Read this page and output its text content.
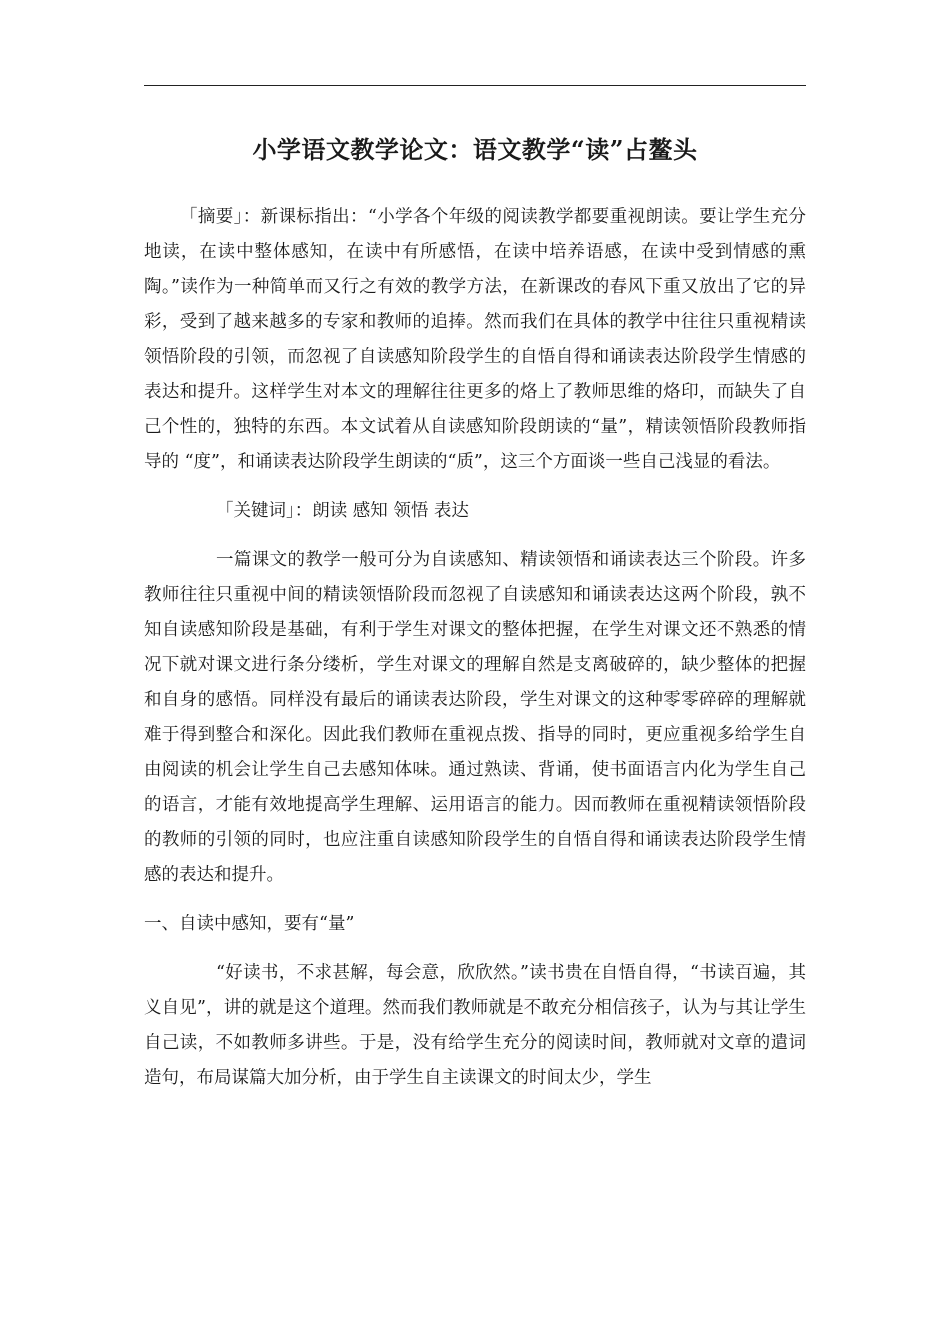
小学语文教学论文：语文教学“读”占鳌头

「摘要」：新课标指出：“小学各个年级的阅读教学都要重视朗读。要让学生充分地读，在读中整体感知，在读中有所感悟，在读中培养语感，在读中受到情感的熏陶。”读作为一种简单而又行之有效的教学方法，在新课改的春风下重又放出了它的异彩，受到了越来越多的专家和教师的追捧。然而我们在具体的教学中往往只重视精读领悟阶段的引领，而忽视了自读感知阶段学生的自悟自得和诵读表达阶段学生情感的表达和提升。这样学生对本文的理解往往更多的烙上了教师思维的烙印，而缺失了自己个性的，独特的东西。本文试着从自读感知阶段朗读的“量”，精读领悟阶段教师指导的 “度”，和诵读表达阶段学生朗读的“质”，这三个方面谈一些自己浅显的看法。

「关键词」：朗读 感知 领悟 表达

一篇课文的教学一般可分为自读感知、精读领悟和诵读表达三个阶段。许多教师往往只重视中间的精读领悟阶段而忽视了自读感知和诵读表达这两个阶段，孰不知自读感知阶段是基础，有利于学生对课文的整体把握，在学生对课文还不熟悉的情况下就对课文进行条分缕析，学生对课文的理解自然是支离破碎的，缺少整体的把握和自身的感悟。同样没有最后的诵读表达阶段，学生对课文的这种零零碎碎的理解就难于得到整合和深化。因此我们教师在重视点拨、指导的同时，更应重视多给学生自由阅读的机会让学生自己去感知体味。通过熟读、背诵，使书面语言内化为学生自己的语言，才能有效地提高学生理解、运用语言的能力。因而教师在重视精读领悟阶段的教师的引领的同时，也应注重自读感知阶段学生的自悟自得和诵读表达阶段学生情感的表达和提升。

一、自读中感知，要有“量”

“好读书，不求甚解，每会意，欣欣然。”读书贵在自悟自得，“书读百遍，其义自见”，讲的就是这个道理。然而我们教师就是不敢充分相信孩子，认为与其让学生自己读，不如教师多讲些。于是，没有给学生充分的阅读时间，教师就对文章的遣词造句，布局谋篇大加分析，由于学生自主读课文的时间太少，学生
